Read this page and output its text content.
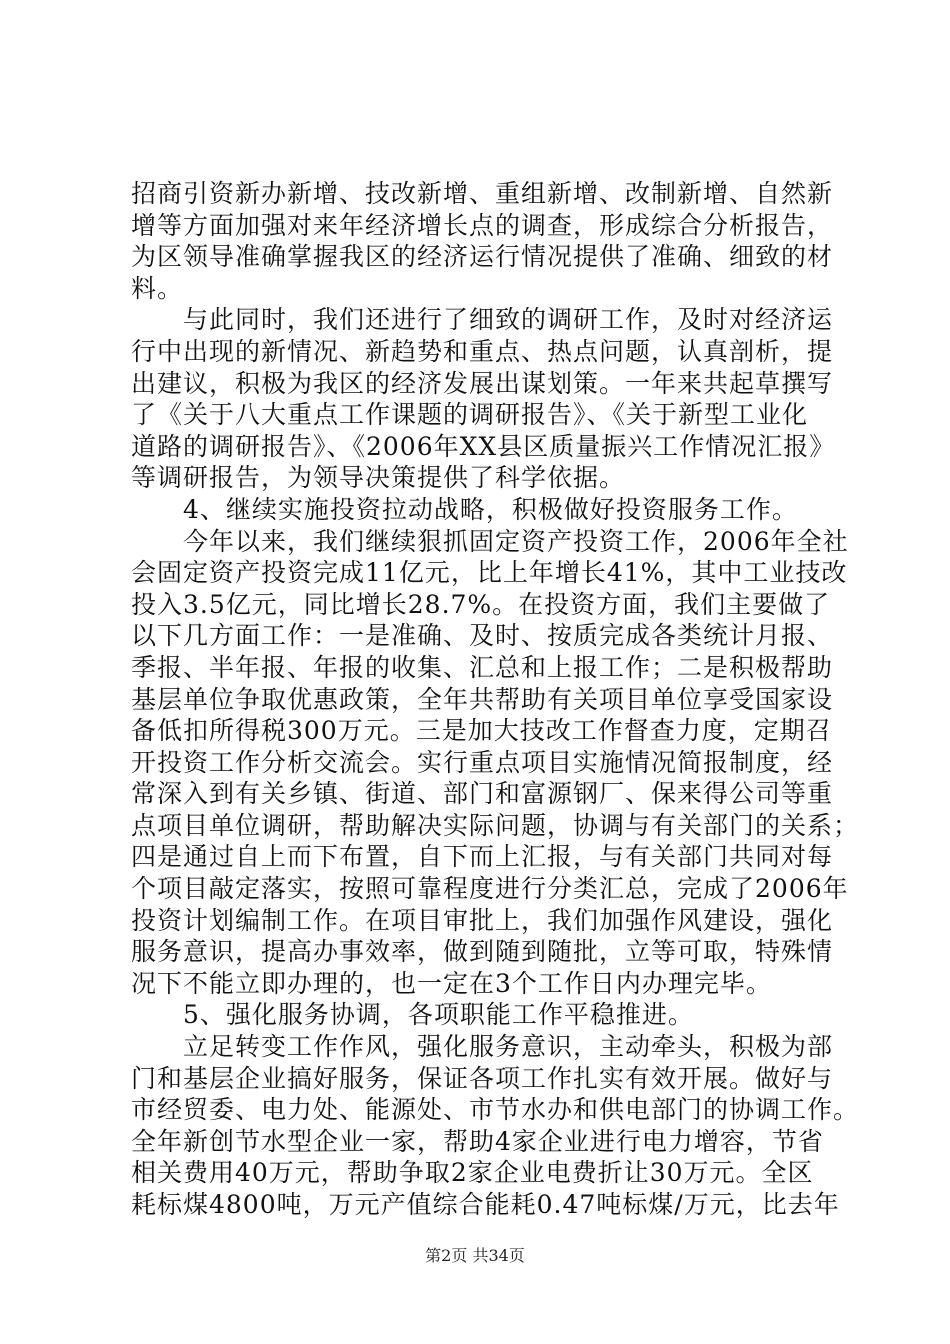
招商引资新办新增、技改新增、重组新增、改制新增、自然新
增等方面加强对来年经济增长点的调查，形成综合分析报告，
为区领导准确掌握我区的经济运行情况提供了准确、细致的材
料。
　　与此同时，我们还进行了细致的调研工作，及时对经济运
行中出现的新情况、新趋势和重点、热点问题，认真剖析，提
出建议，积极为我区的经济发展出谋划策。一年来共起草撰写
了《关于八大重点工作课题的调研报告》、《关于新型工业化
道路的调研报告》、《2006年XX县区质量振兴工作情况汇报》
等调研报告，为领导决策提供了科学依据。
　　4、继续实施投资拉动战略，积极做好投资服务工作。
　　今年以来，我们继续狠抓固定资产投资工作，2006年全社
会固定资产投资完成11亿元，比上年增长41%，其中工业技改
投入3.5亿元，同比增长28.7%。在投资方面，我们主要做了
以下几方面工作：一是准确、及时、按质完成各类统计月报、
季报、半年报、年报的收集、汇总和上报工作；二是积极帮助
基层单位争取优惠政策，全年共帮助有关项目单位享受国家设
备低扣所得税300万元。三是加大技改工作督查力度，定期召
开投资工作分析交流会。实行重点项目实施情况简报制度，经
常深入到有关乡镇、街道、部门和富源钢厂、保来得公司等重
点项目单位调研，帮助解决实际问题，协调与有关部门的关系；
四是通过自上而下布置，自下而上汇报，与有关部门共同对每
个项目敲定落实，按照可靠程度进行分类汇总，完成了2006年
投资计划编制工作。在项目审批上，我们加强作风建设，强化
服务意识，提高办事效率，做到随到随批，立等可取，特殊情
况下不能立即办理的，也一定在3个工作日内办理完毕。
　　5、强化服务协调，各项职能工作平稳推进。
　　立足转变工作作风，强化服务意识，主动牵头，积极为部
门和基层企业搞好服务，保证各项工作扎实有效开展。做好与
市经贸委、电力处、能源处、市节水办和供电部门的协调工作。
全年新创节水型企业一家，帮助4家企业进行电力增容，节省
相关费用40万元，帮助争取2家企业电费折让30万元。全区
耗标煤4800吨，万元产值综合能耗0.47吨标煤/万元，比去年
第2页 共34页
